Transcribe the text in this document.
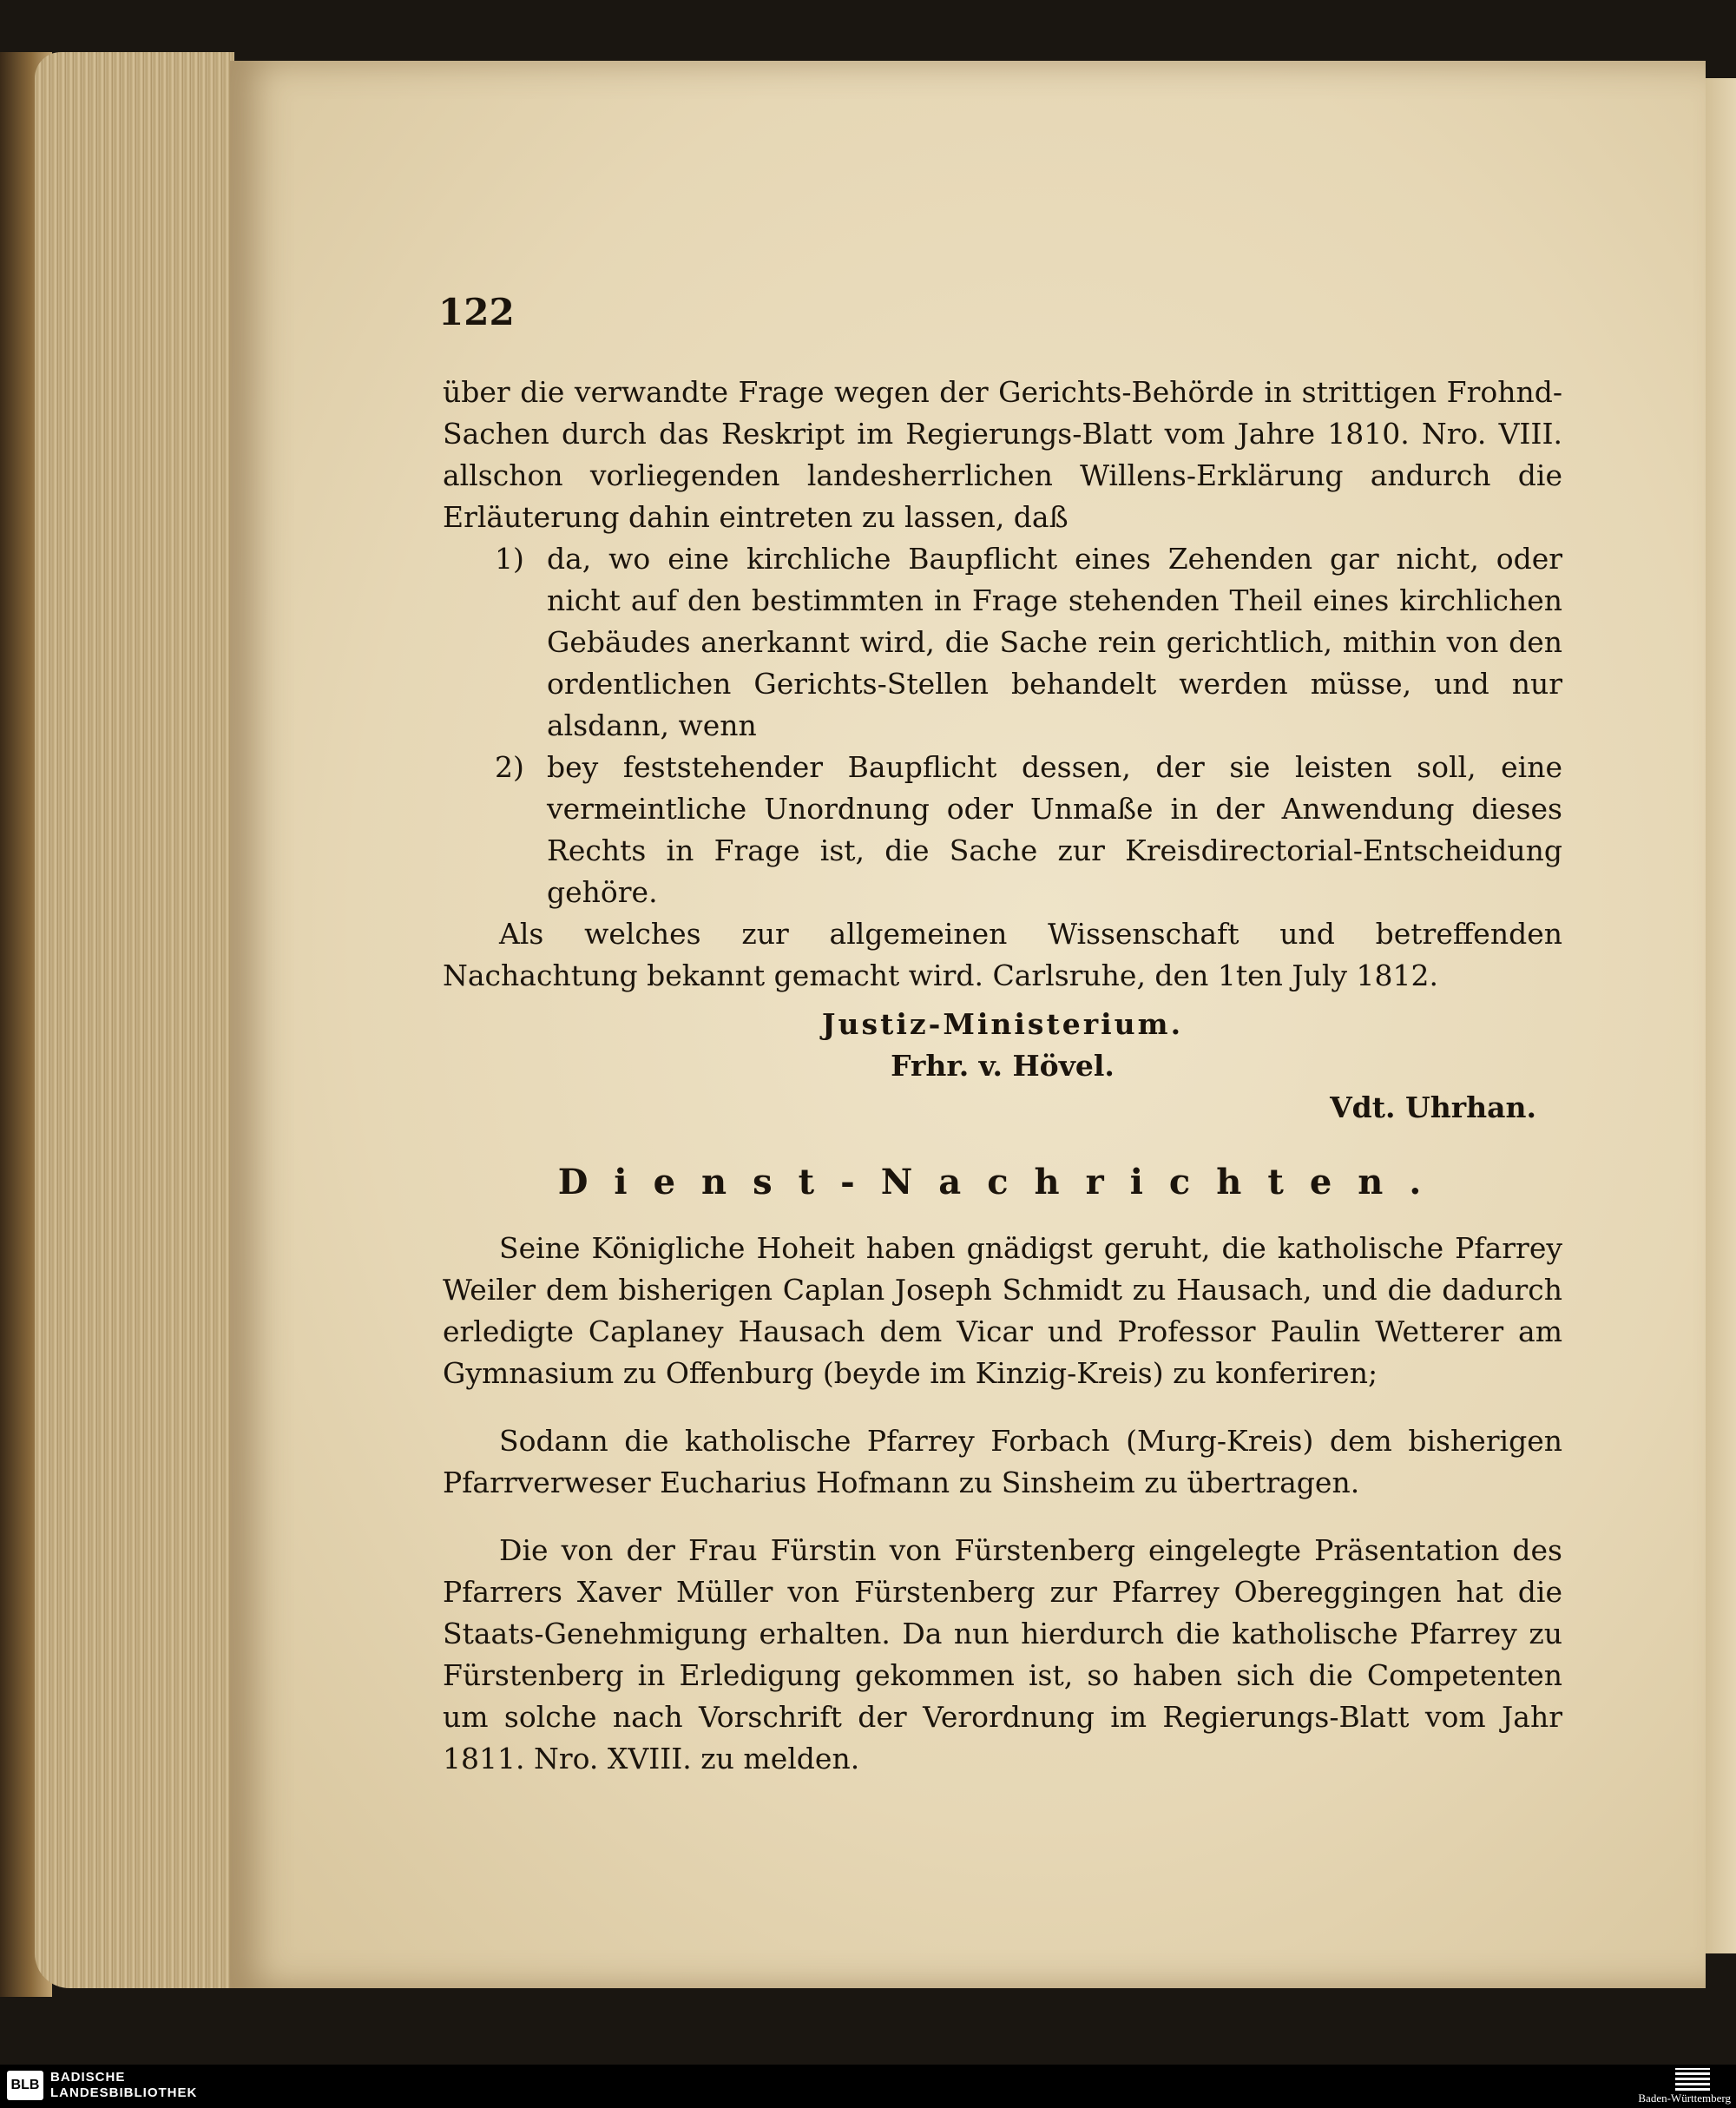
122

über die verwandte Frage wegen der Gerichts-Behörde in strittigen Frohnd-Sachen durch das Reskript im Regierungs-Blatt vom Jahre 1810. Nro. VIII. allschon vorliegenden landesherrlichen Willens-Erklärung andurch die Erläuterung dahin eintreten zu lassen, daß

1) da, wo eine kirchliche Baupflicht eines Zehenden gar nicht, oder nicht auf den bestimmten in Frage stehenden Theil eines kirchlichen Gebäudes anerkannt wird, die Sache rein gerichtlich, mithin von den ordentlichen Gerichts-Stellen behandelt werden müsse, und nur alsdann, wenn
2) bey feststehender Baupflicht dessen, der sie leisten soll, eine vermeintliche Unordnung oder Unmaße in der Anwendung dieses Rechts in Frage ist, die Sache zur Kreisdirectorial-Entscheidung gehöre.

Als welches zur allgemeinen Wissenschaft und betreffenden Nachachtung bekannt gemacht wird. Carlsruhe, den 1ten July 1812.

Justiz-Ministerium.

Frhr. v. Hövel.

Vdt. Uhrhan.

Dienst-Nachrichten.

Seine Königliche Hoheit haben gnädigst geruht, die katholische Pfarrey Weiler dem bisherigen Caplan Joseph Schmidt zu Hausach, und die dadurch erledigte Caplaney Hausach dem Vicar und Professor Paulin Wetterer am Gymnasium zu Offenburg (beyde im Kinzig-Kreis) zu konferiren;

Sodann die katholische Pfarrey Forbach (Murg-Kreis) dem bisherigen Pfarrverweser Eucharius Hofmann zu Sinsheim zu übertragen.

Die von der Frau Fürstin von Fürstenberg eingelegte Präsentation des Pfarrers Xaver Müller von Fürstenberg zur Pfarrey Obereggingen hat die Staats-Genehmigung erhalten. Da nun hierdurch die katholische Pfarrey zu Fürstenberg in Erledigung gekommen ist, so haben sich die Competenten um solche nach Vorschrift der Verordnung im Regierungs-Blatt vom Jahr 1811. Nro. XVIII. zu melden.

BLB
BADISCHE
LANDESBIBLIOTHEK	Baden-Württemberg
